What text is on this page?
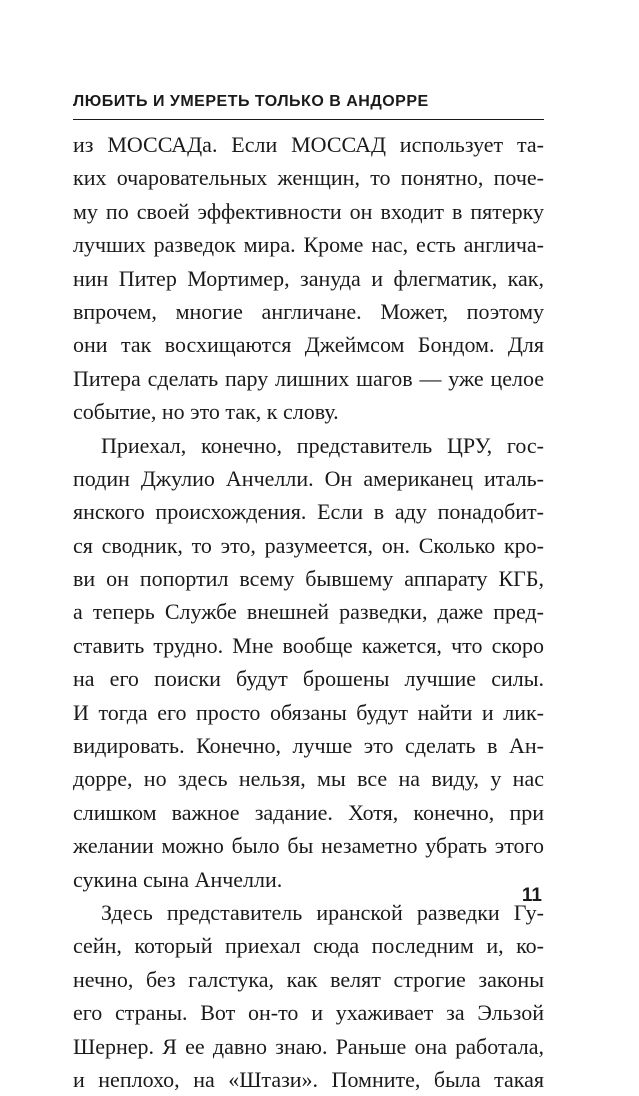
ЛЮБИТЬ И УМЕРЕТЬ ТОЛЬКО В АНДОРРЕ
из МОССАДа. Если МОССАД использует та-
ких очаровательных женщин, то понятно, поче-
му по своей эффективности он входит в пятерку
лучших разведок мира. Кроме нас, есть англича-
нин Питер Мортимер, зануда и флегматик, как,
впрочем, многие англичане. Может, поэтому
они так восхищаются Джеймсом Бондом. Для
Питера сделать пару лишних шагов — уже целое
событие, но это так, к слову.
Приехал, конечно, представитель ЦРУ, гос-
подин Джулио Анчелли. Он американец италь-
янского происхождения. Если в аду понадобит-
ся сводник, то это, разумеется, он. Сколько кро-
ви он попортил всему бывшему аппарату КГБ,
а теперь Службе внешней разведки, даже пред-
ставить трудно. Мне вообще кажется, что скоро
на его поиски будут брошены лучшие силы.
И тогда его просто обязаны будут найти и лик-
видировать. Конечно, лучше это сделать в Ан-
дорре, но здесь нельзя, мы все на виду, у нас
слишком важное задание. Хотя, конечно, при
желании можно было бы незаметно убрать этого
сукина сына Анчелли.
Здесь представитель иранской разведки Гу-
сейн, который приехал сюда последним и, ко-
нечно, без галстука, как велят строгие законы
его страны. Вот он-то и ухаживает за Эльзой
Шернер. Я ее давно знаю. Раньше она работала,
и неплохо, на «Штази». Помните, была такая
11
